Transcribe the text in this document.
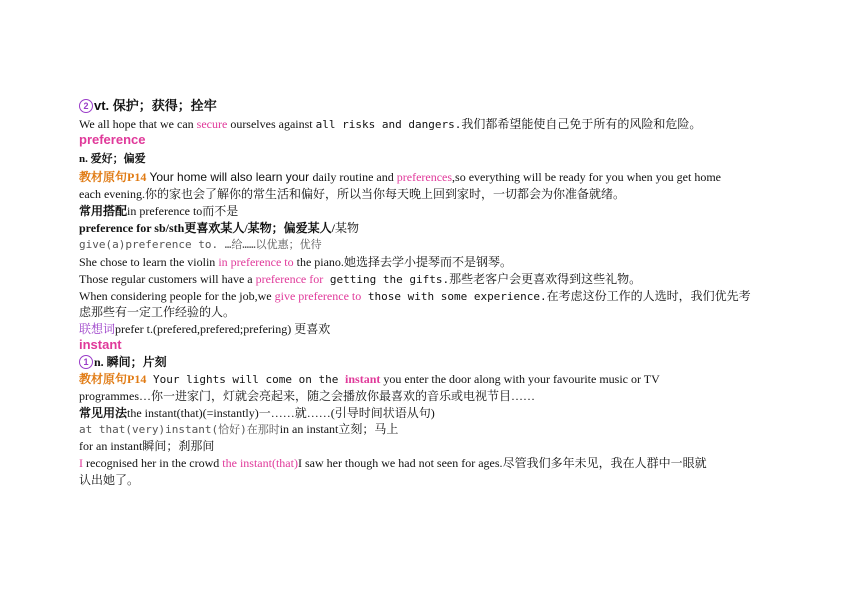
2 vt. 保护；获得；拴牢

We all hope that we can secure ourselves against all risks and dangers.我们都希望能使自己免于所有的风险和危险。

preference

n. 爱好；偏爱

教材原句P14 Your home will also learn your daily routine and preferences,so everything will be ready for you when you get home

each evening.你的家也会了解你的常生活和偏好，所以当你每天晚上回到家时，一切都会为你准备就绪。

常用搭配in preference to而不是

preference for sb/sth更喜欢某人/某物；偏爱某人/某物

give(a)preference to. …给……以优惠；优待

She chose to learn the violin in preference to the piano.她选择去学小提琴而不是钢琴。

Those regular customers will have a preference for getting the gifts.那些老客户会更喜欢得到这些礼物。

When considering people for the job,we give preference to those with some experience.在考虑这份工作的人选时，我们优先考

虑那些有一定工作经验的人。

联想词prefer t.(prefered,prefered;prefering) 更喜欢

instant

1 n. 瞬间；片刻

教材原句P14 Your lights will come on the instant you enter the door along with your favourite music or TV

programmes…你一进家门，灯就会亮起来，随之会播放你最喜欢的音乐或电视节目……

常见用法the instant(that)(=instantly)一……就……(引导时间状语从句)

at that(very)instant(恰好)在那时in an instant立刻；马上

for an instant瞬间；刹那间

I recognised her in the crowd the instant(that)I saw her though we had not seen for ages.尽管我们多年未见，我在人群中一眼就

认出她了。
